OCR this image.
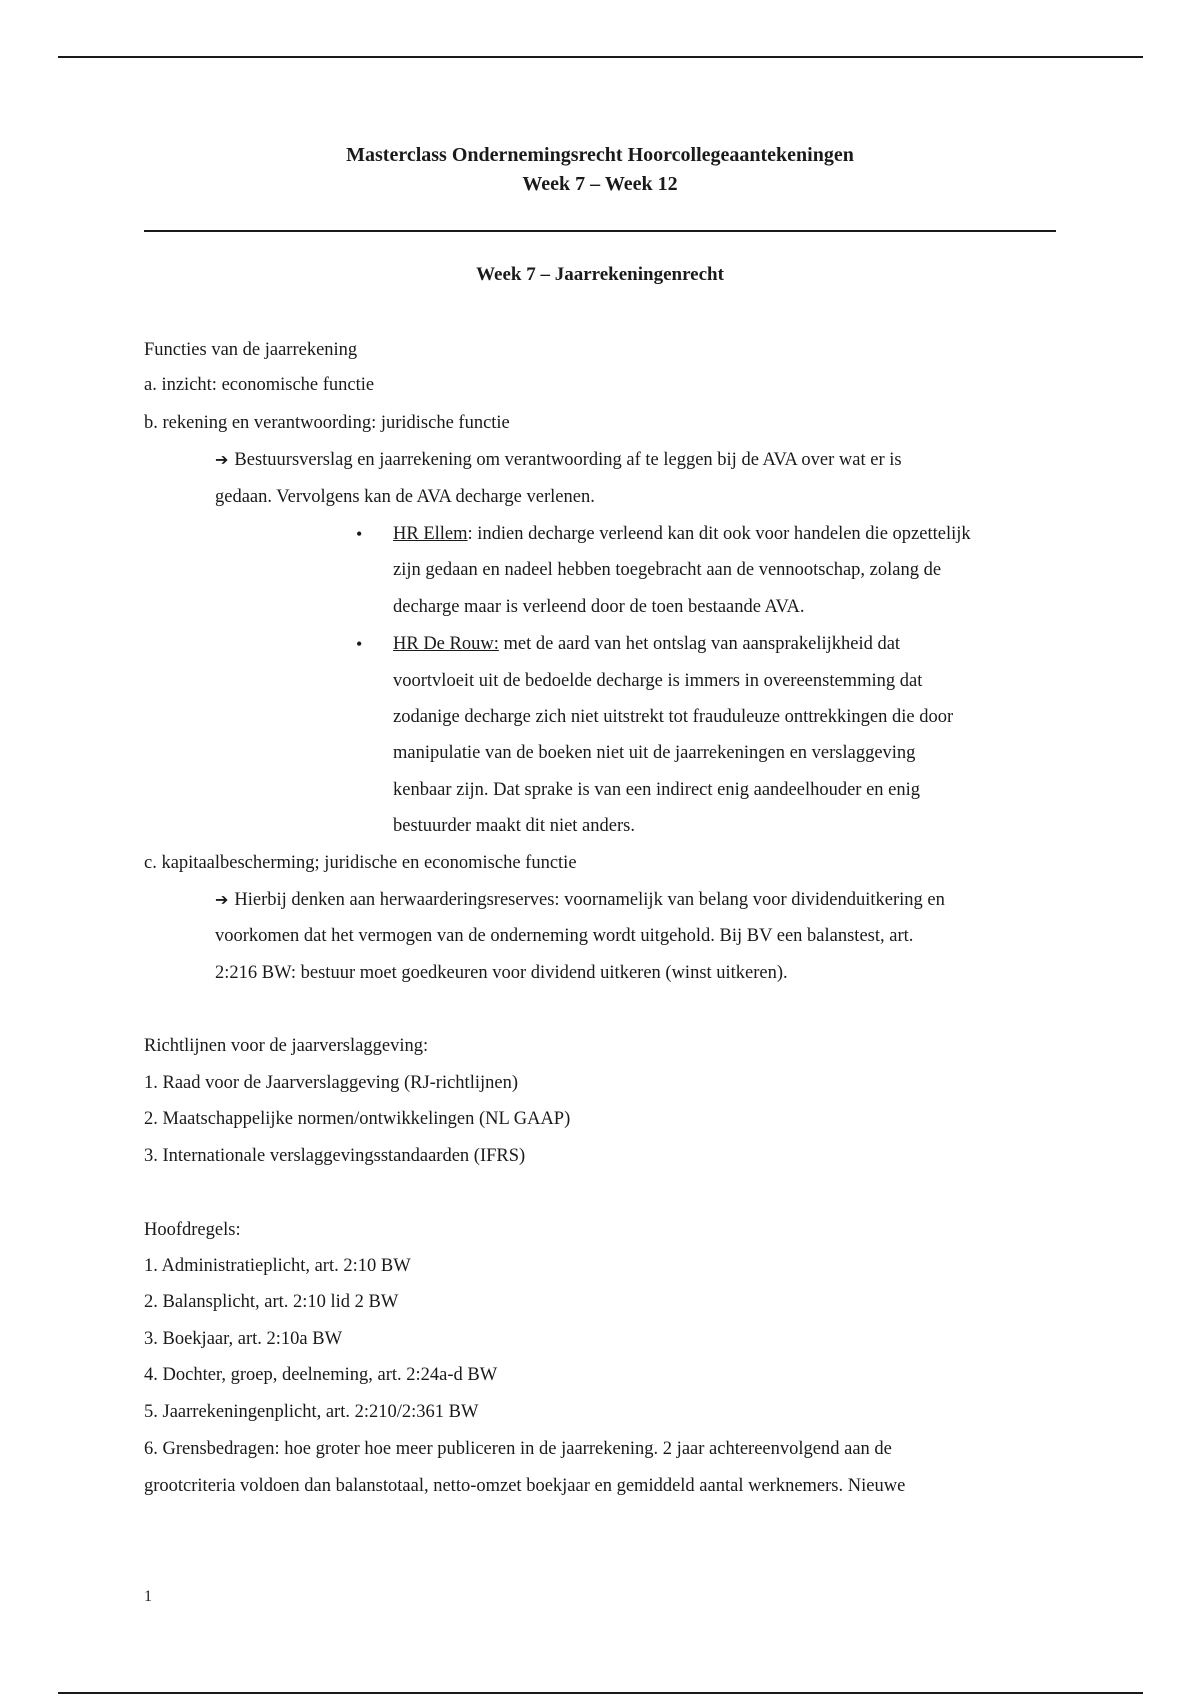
Masterclass Ondernemingsrecht Hoorcollegeaantekeningen
Week 7 – Week 12
Week 7 – Jaarrekeningenrecht
Functies van de jaarrekening
a. inzicht: economische functie
b. rekening en verantwoording: juridische functie
➔ Bestuursverslag en jaarrekening om verantwoording af te leggen bij de AVA over wat er is
gedaan. Vervolgens kan de AVA decharge verlenen.
• HR Ellem: indien decharge verleend kan dit ook voor handelen die opzettelijk
zijn gedaan en nadeel hebben toegebracht aan de vennootschap, zolang de
decharge maar is verleend door de toen bestaande AVA.
• HR De Rouw: met de aard van het ontslag van aansprakelijkheid dat
voortvloeit uit de bedoelde decharge is immers in overeenstemming dat
zodanige decharge zich niet uitstrekt tot frauduleuze onttrekkingen die door
manipulatie van de boeken niet uit de jaarrekeningen en verslaggeving
kenbaar zijn. Dat sprake is van een indirect enig aandeelhouder en enig
bestuurder maakt dit niet anders.
c. kapitaalbescherming; juridische en economische functie
➔ Hierbij denken aan herwaarderingsreserves: voornamelijk van belang voor dividenduitkering en
voorkomen dat het vermogen van de onderneming wordt uitgehold. Bij BV een balanstest, art.
2:216 BW: bestuur moet goedkeuren voor dividend uitkeren (winst uitkeren).
Richtlijnen voor de jaarverslaggeving:
1. Raad voor de Jaarverslaggeving (RJ-richtlijnen)
2. Maatschappelijke normen/ontwikkelingen (NL GAAP)
3. Internationale verslaggevingsstandaarden (IFRS)
Hoofdregels:
1. Administratieplicht, art. 2:10 BW
2. Balansplicht, art. 2:10 lid 2 BW
3. Boekjaar, art. 2:10a BW
4. Dochter, groep, deelneming, art. 2:24a-d BW
5. Jaarrekeningenplicht, art. 2:210/2:361 BW
6. Grensbedragen: hoe groter hoe meer publiceren in de jaarrekening. 2 jaar achtereenvolgend aan de
grootcriteria voldoen dan balanstotaal, netto-omzet boekjaar en gemiddeld aantal werknemers. Nieuwe
1
